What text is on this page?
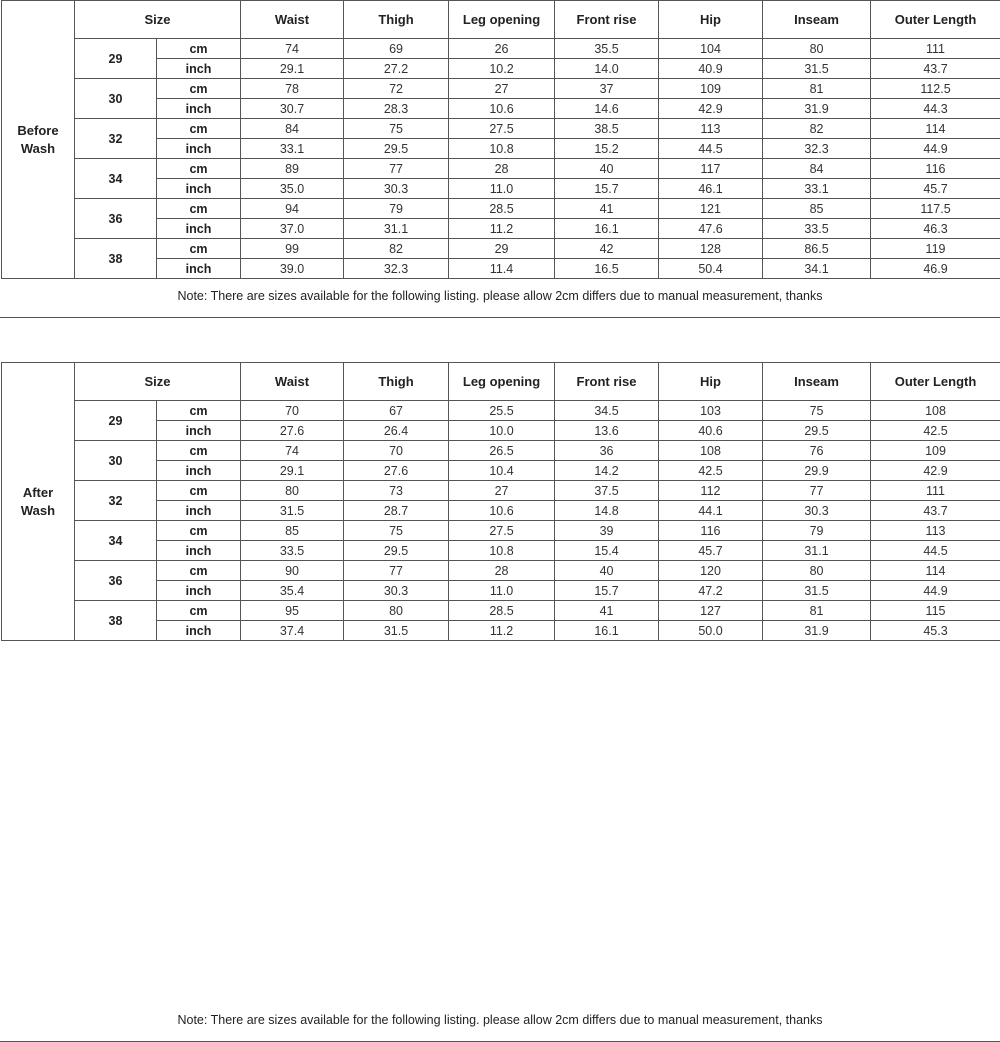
Before
Wash	Size		Waist	Thigh	Leg opening	Front rise	Hip	Inseam	Outer Length
	29	cm	74	69	26	35.5	104	80	111
		inch	29.1	27.2	10.2	14.0	40.9	31.5	43.7
	30	cm	78	72	27	37	109	81	112.5
		inch	30.7	28.3	10.6	14.6	42.9	31.9	44.3
	32	cm	84	75	27.5	38.5	113	82	114
		inch	33.1	29.5	10.8	15.2	44.5	32.3	44.9
	34	cm	89	77	28	40	117	84	116
		inch	35.0	30.3	11.0	15.7	46.1	33.1	45.7
	36	cm	94	79	28.5	41	121	85	117.5
		inch	37.0	31.1	11.2	16.1	47.6	33.5	46.3
	38	cm	99	82	29	42	128	86.5	119
		inch	39.0	32.3	11.4	16.5	50.4	34.1	46.9
Note: There are sizes available for the following listing. please allow 2cm differs due to manual measurement, thanks
After
Wash	Size		Waist	Thigh	Leg opening	Front rise	Hip	Inseam	Outer Length
	29	cm	70	67	25.5	34.5	103	75	108
		inch	27.6	26.4	10.0	13.6	40.6	29.5	42.5
	30	cm	74	70	26.5	36	108	76	109
		inch	29.1	27.6	10.4	14.2	42.5	29.9	42.9
	32	cm	80	73	27	37.5	112	77	111
		inch	31.5	28.7	10.6	14.8	44.1	30.3	43.7
	34	cm	85	75	27.5	39	116	79	113
		inch	33.5	29.5	10.8	15.4	45.7	31.1	44.5
	36	cm	90	77	28	40	120	80	114
		inch	35.4	30.3	11.0	15.7	47.2	31.5	44.9
	38	cm	95	80	28.5	41	127	81	115
		inch	37.4	31.5	11.2	16.1	50.0	31.9	45.3
Note: There are sizes available for the following listing. please allow 2cm differs due to manual measurement, thanks
